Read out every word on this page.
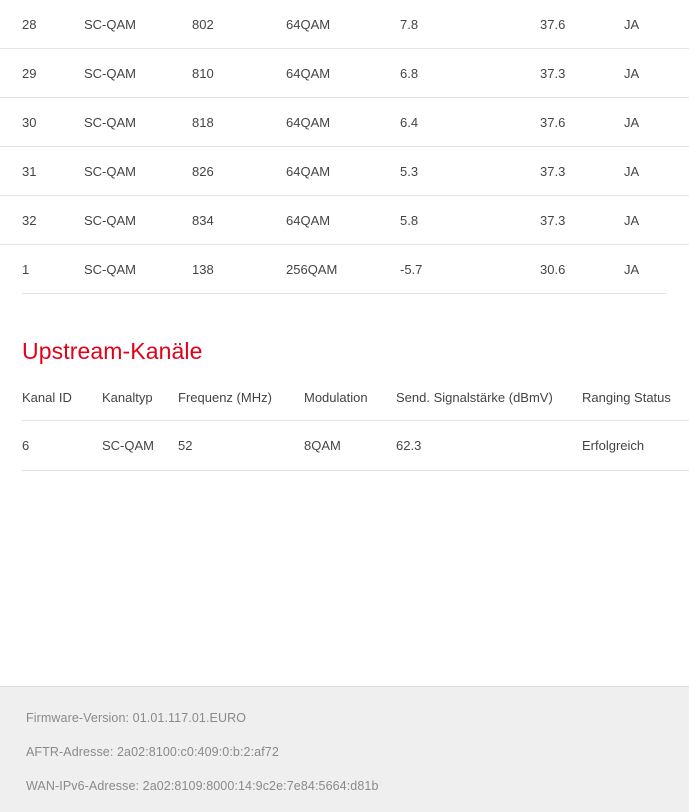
28	SC-QAM	802	64QAM	7.8	37.6	JA
29	SC-QAM	810	64QAM	6.8	37.3	JA
30	SC-QAM	818	64QAM	6.4	37.6	JA
31	SC-QAM	826	64QAM	5.3	37.3	JA
32	SC-QAM	834	64QAM	5.8	37.3	JA
1	SC-QAM	138	256QAM	-5.7	30.6	JA
Upstream-Kanäle
Kanal ID	Kanaltyp	Frequenz (MHz)	Modulation	Send. Signalstärke (dBmV)	Ranging Status
6	SC-QAM	52	8QAM	62.3	Erfolgreich
Firmware-Version: 01.01.117.01.EURO
AFTR-Adresse: 2a02:8100:c0:409:0:b:2:af72
WAN-IPv6-Adresse: 2a02:8109:8000:14:9c2e:7e84:5664:d81b
